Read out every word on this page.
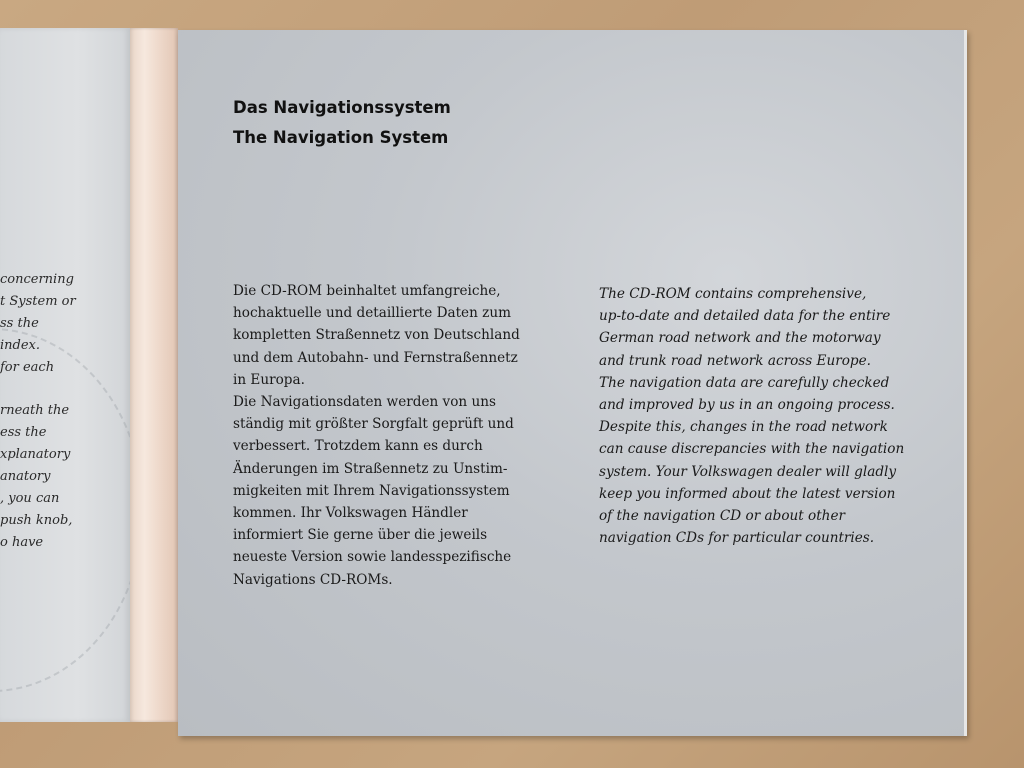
concerning
t System or
ss the
index.
for each
rneath the
ess the
xplanatory
anatory
, you can
push knob,
o have
Das Navigationssystem
The Navigation System
Die CD-ROM beinhaltet umfangreiche,
hochaktuelle und detaillierte Daten zum
kompletten Straßennetz von Deutschland
und dem Autobahn- und Fernstraßennetz
in Europa.
Die Navigationsdaten werden von uns
ständig mit größter Sorgfalt geprüft und
verbessert. Trotzdem kann es durch
Änderungen im Straßennetz zu Unstim-
migkeiten mit Ihrem Navigationssystem
kommen. Ihr Volkswagen Händler
informiert Sie gerne über die jeweils
neueste Version sowie landesspezifische
Navigations CD-ROMs.
The CD-ROM contains comprehensive,
up-to-date and detailed data for the entire
German road network and the motorway
and trunk road network across Europe.
The navigation data are carefully checked
and improved by us in an ongoing process.
Despite this, changes in the road network
can cause discrepancies with the navigation
system. Your Volkswagen dealer will gladly
keep you informed about the latest version
of the navigation CD or about other
navigation CDs for particular countries.
